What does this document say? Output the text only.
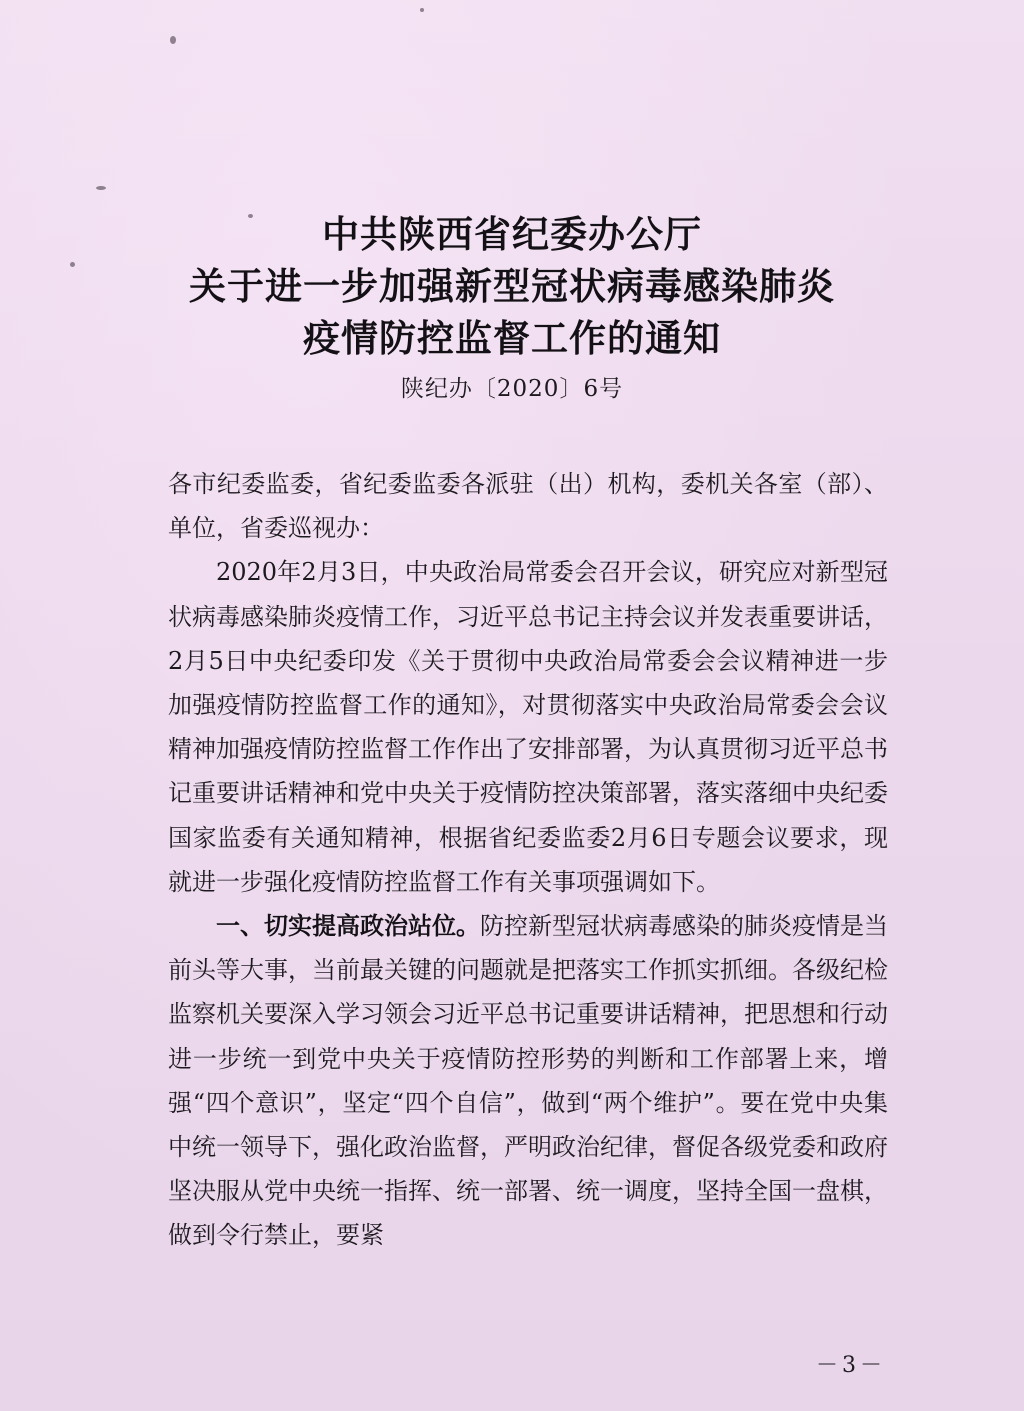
中共陕西省纪委办公厅
关于进一步加强新型冠状病毒感染肺炎
疫情防控监督工作的通知
陕纪办〔2020〕6号

各市纪委监委，省纪委监委各派驻（出）机构，委机关各室（部）、单位，省委巡视办：

2020年2月3日，中央政治局常委会召开会议，研究应对新型冠状病毒感染肺炎疫情工作，习近平总书记主持会议并发表重要讲话，2月5日中央纪委印发《关于贯彻中央政治局常委会会议精神进一步加强疫情防控监督工作的通知》，对贯彻落实中央政治局常委会会议精神加强疫情防控监督工作作出了安排部署，为认真贯彻习近平总书记重要讲话精神和党中央关于疫情防控决策部署，落实落细中央纪委国家监委有关通知精神，根据省纪委监委2月6日专题会议要求，现就进一步强化疫情防控监督工作有关事项强调如下。

一、切实提高政治站位。防控新型冠状病毒感染的肺炎疫情是当前头等大事，当前最关键的问题就是把落实工作抓实抓细。各级纪检监察机关要深入学习领会习近平总书记重要讲话精神，把思想和行动进一步统一到党中央关于疫情防控形势的判断和工作部署上来，增强“四个意识”，坚定“四个自信”，做到“两个维护”。要在党中央集中统一领导下，强化政治监督，严明政治纪律，督促各级党委和政府坚决服从党中央统一指挥、统一部署、统一调度，坚持全国一盘棋，做到令行禁止，要紧

－3－
